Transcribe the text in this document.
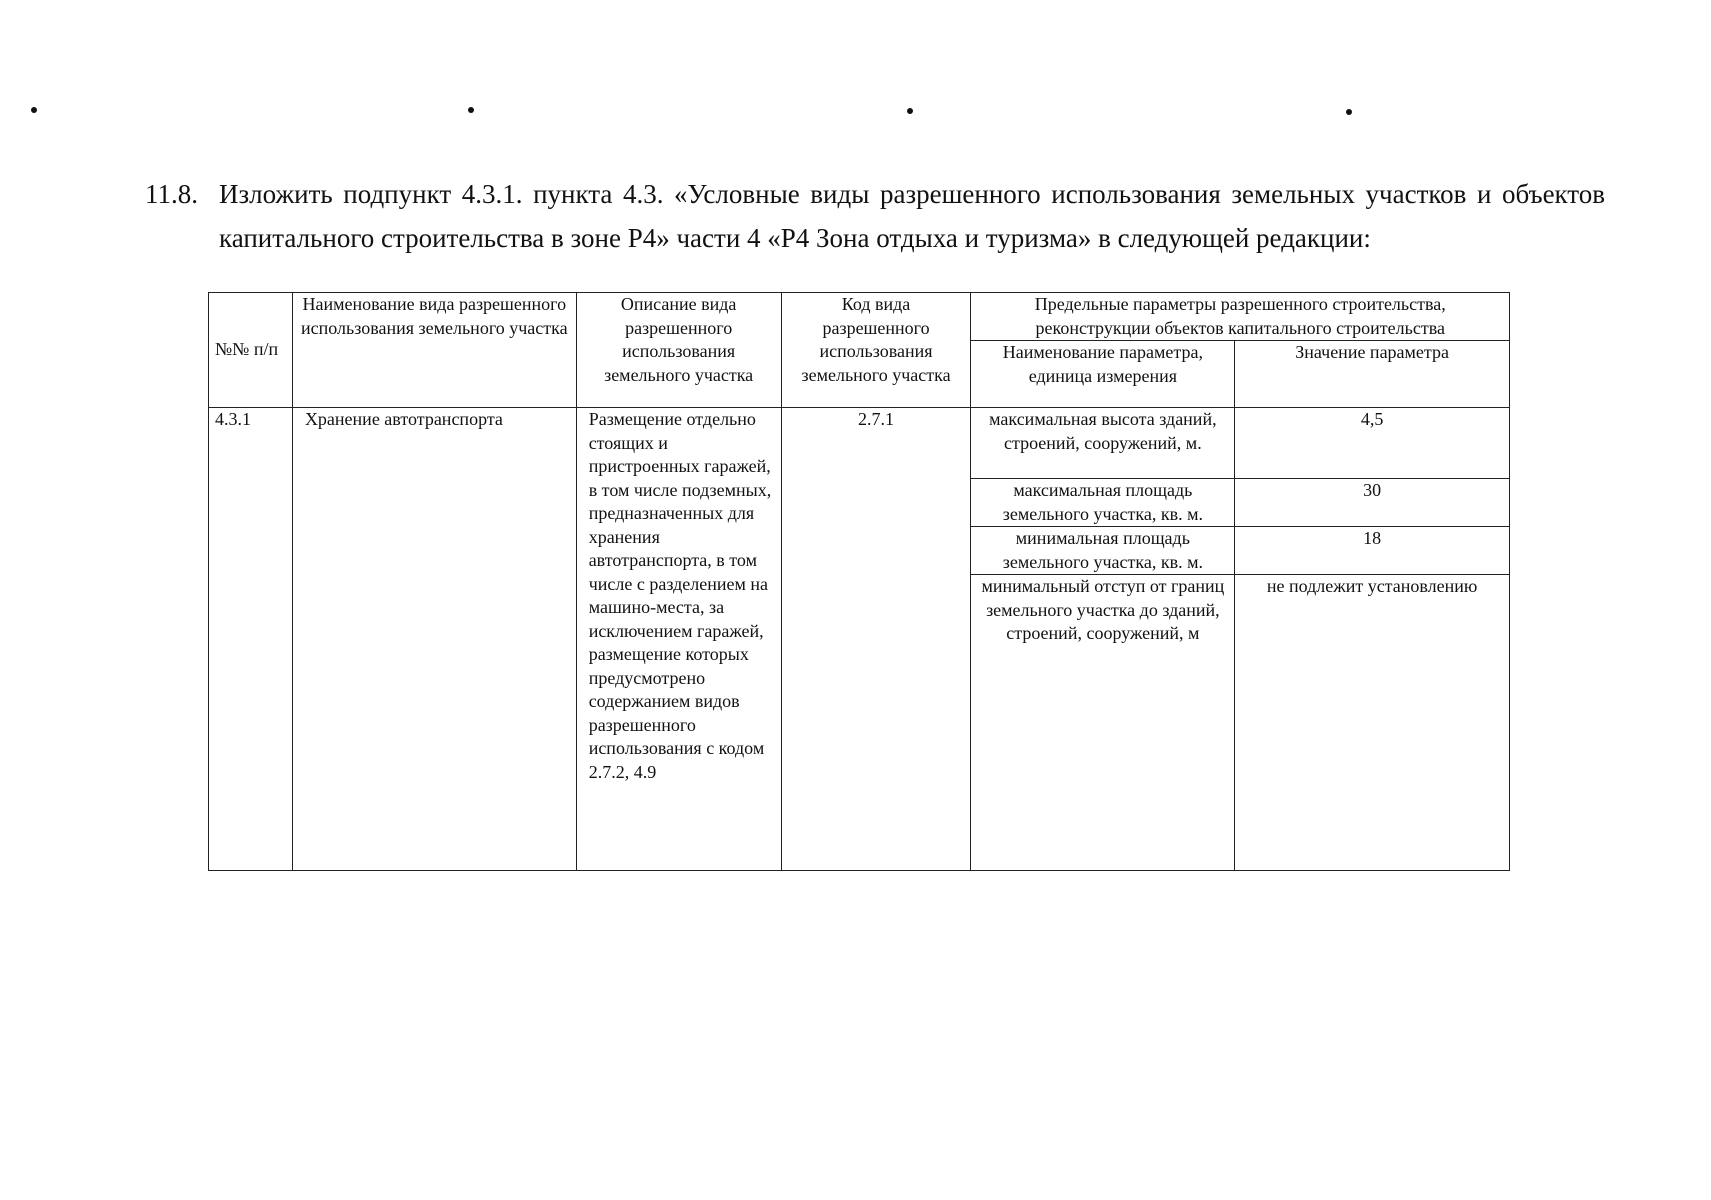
11.8. Изложить подпункт 4.3.1. пункта 4.3. «Условные виды разрешенного использования земельных участков и объектов капитального строительства в зоне Р4» части 4 «Р4 Зона отдыха и туризма» в следующей редакции:
№№ п/п	Наименование вида разрешенного использования земельного участка	Описание вида разрешенного использования земельного участка	Код вида разрешенного использования земельного участка	Предельные параметры разрешенного строительства, реконструкции объектов капитального строительства	
				Наименование параметра, единица измерения	Значение параметра
4.3.1	Хранение автотранспорта	Размещение отдельно стоящих и пристроенных гаражей, в том числе подземных, предназначенных для хранения автотранспорта, в том числе с разделением на машино-места, за исключением гаражей, размещение которых предусмотрено содержанием видов разрешенного использования с кодом 2.7.2, 4.9	2.7.1	максимальная высота зданий, строений, сооружений, м.	4,5
				максимальная площадь земельного участка, кв. м.	30
				минимальная площадь земельного участка, кв. м.	18
				минимальный отступ от границ земельного участка до зданий, строений, сооружений, м	не подлежит установлению
